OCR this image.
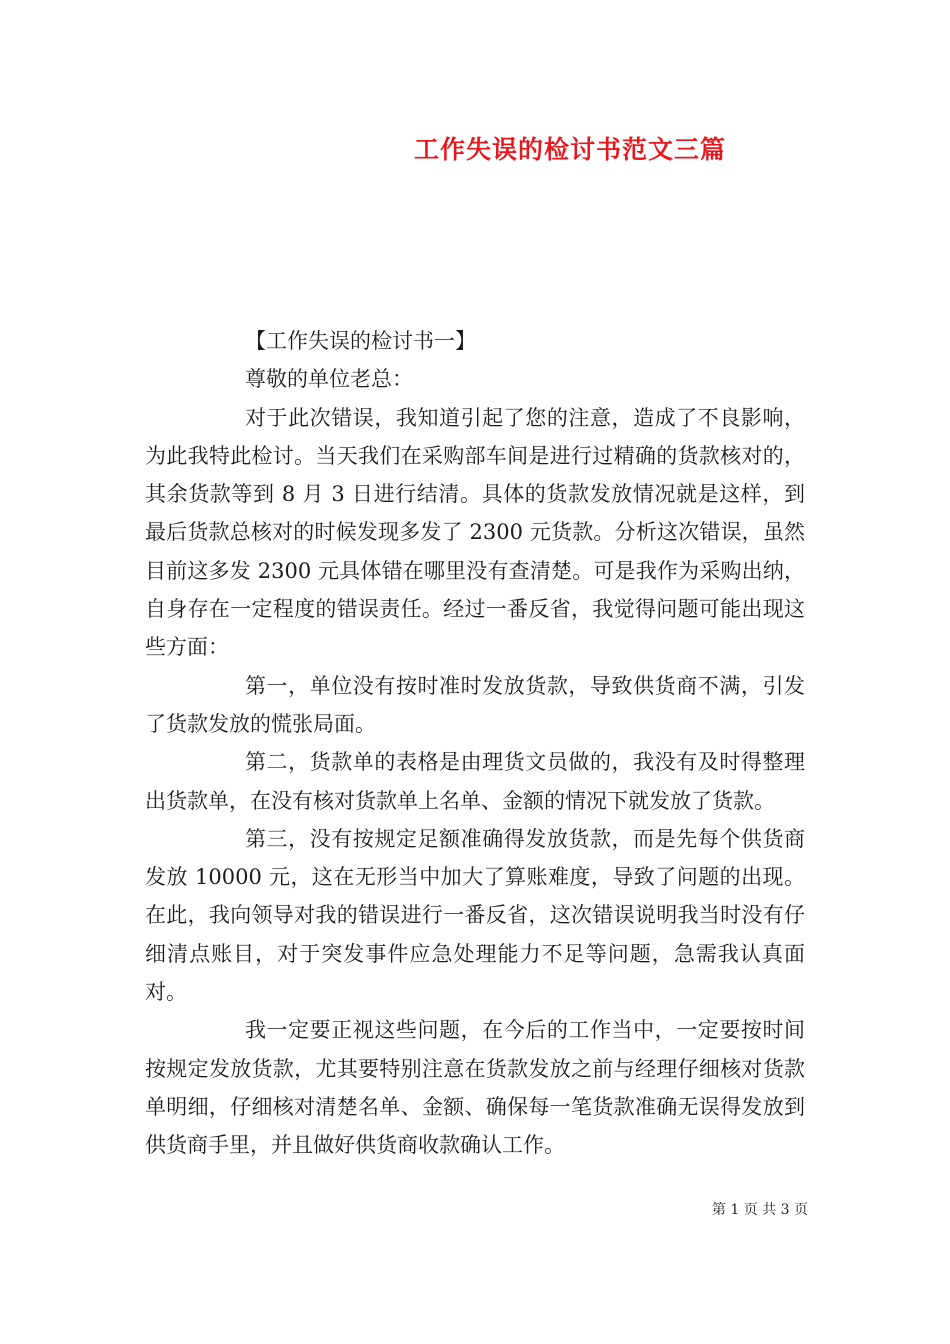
工作失误的检讨书范文三篇

【工作失误的检讨书一】

尊敬的单位老总：

对于此次错误，我知道引起了您的注意，造成了不良影响，为此我特此检讨。当天我们在采购部车间是进行过精确的货款核对的，其余货款等到 8 月 3 日进行结清。具体的货款发放情况就是这样，到最后货款总核对的时候发现多发了 2300 元货款。分析这次错误，虽然目前这多发 2300 元具体错在哪里没有查清楚。可是我作为采购出纳，自身存在一定程度的错误责任。经过一番反省，我觉得问题可能出现这些方面：

第一，单位没有按时准时发放货款，导致供货商不满，引发了货款发放的慌张局面。

第二，货款单的表格是由理货文员做的，我没有及时得整理出货款单，在没有核对货款单上名单、金额的情况下就发放了货款。

第三，没有按规定足额准确得发放货款，而是先每个供货商发放 10000 元，这在无形当中加大了算账难度，导致了问题的出现。在此，我向领导对我的错误进行一番反省，这次错误说明我当时没有仔细清点账目，对于突发事件应急处理能力不足等问题，急需我认真面对。

我一定要正视这些问题，在今后的工作当中，一定要按时间按规定发放货款，尤其要特别注意在货款发放之前与经理仔细核对货款单明细，仔细核对清楚名单、金额、确保每一笔货款准确无误得发放到供货商手里，并且做好供货商收款确认工作。

第 1 页 共 3 页
